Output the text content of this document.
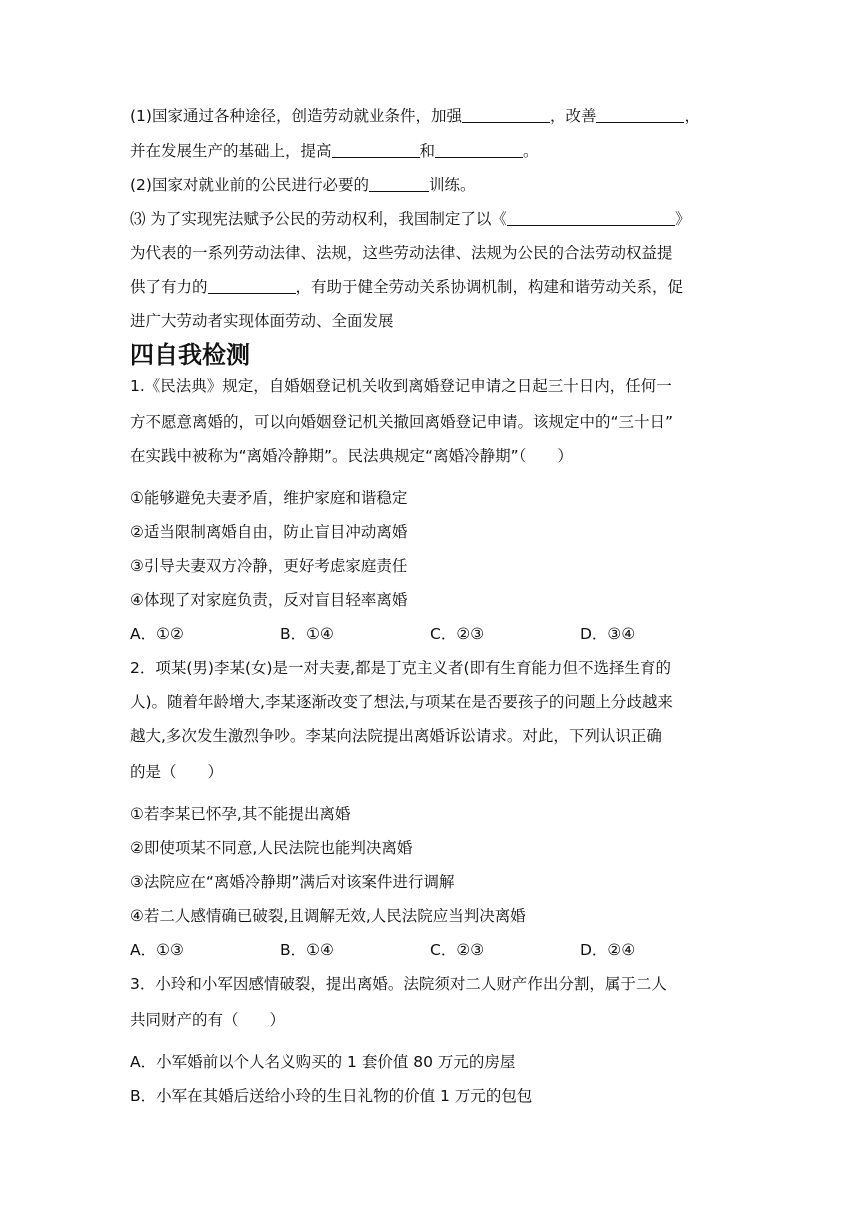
(1)国家通过各种途径，创造劳动就业条件，加强	，改善	，
并在发展生产的基础上，提高	和	。
(2)国家对就业前的公民进行必要的	训练。
⑶ 为了实现宪法赋予公民的劳动权利，我国制定了以《	》
为代表的一系列劳动法律、法规，这些劳动法律、法规为公民的合法劳动权益提
供了有力的	，有助于健全劳动关系协调机制，构建和谐劳动关系，促
进广大劳动者实现体面劳动、全面发展
四自我检测
1.《民法典》规定，自婚姻登记机关收到离婚登记申请之日起三十日内，任何一
方不愿意离婚的，可以向婚姻登记机关撤回离婚登记申请。该规定中的“三十日”
在实践中被称为“离婚冷静期”。民法典规定“离婚冷静期”（　　）
①能够避免夫妻矛盾，维护家庭和谐稳定
②适当限制离婚自由，防止盲目冲动离婚
③引导夫妻双方冷静，更好考虑家庭责任
④体现了对家庭负责，反对盲目轻率离婚
A．①②	B．①④	C．②③	D．③④
2．项某(男)李某(女)是一对夫妻,都是丁克主义者(即有生育能力但不选择生育的
人)。随着年龄增大,李某逐渐改变了想法,与项某在是否要孩子的问题上分歧越来
越大,多次发生激烈争吵。李某向法院提出离婚诉讼请求。对此，下列认识正确
的是（　　）
①若李某已怀孕,其不能提出离婚
②即使项某不同意,人民法院也能判决离婚
③法院应在“离婚冷静期”满后对该案件进行调解
④若二人感情确已破裂,且调解无效,人民法院应当判决离婚
A．①③	B．①④	C．②③	D．②④
3．小玲和小军因感情破裂，提出离婚。法院须对二人财产作出分割，属于二人
共同财产的有（　　）
A．小军婚前以个人名义购买的 1 套价值 80 万元的房屋
B．小军在其婚后送给小玲的生日礼物的价值 1 万元的包包
